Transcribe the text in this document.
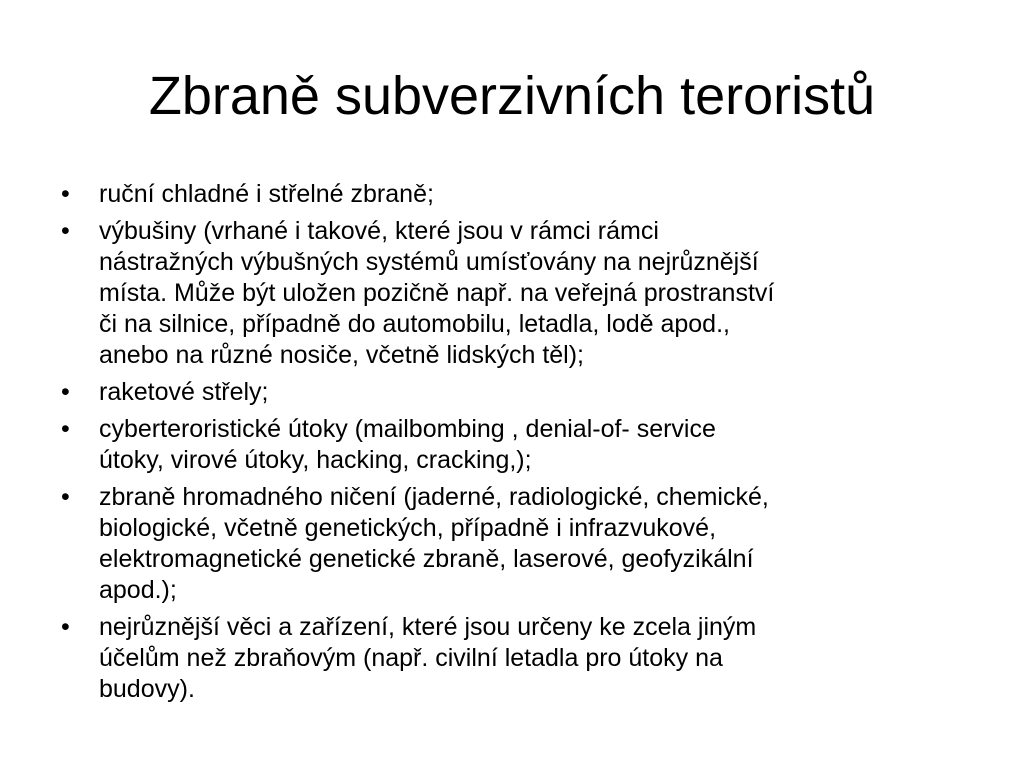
Zbraně subverzivních teroristů
•	ruční chladné i střelné zbraně;
•	výbušiny (vrhané i takové, které jsou v rámci rámci
nástražných výbušných systémů umísťovány na nejrůznější
místa. Může být uložen pozičně např. na veřejná prostranství
či na silnice, případně do automobilu, letadla, lodě apod.,
anebo na různé nosiče, včetně lidských těl);
•	raketové střely;
•	cyberteroristické útoky (mailbombing , denial-of- service
útoky, virové útoky, hacking, cracking,);
•	zbraně hromadného ničení (jaderné, radiologické, chemické,
biologické, včetně genetických, případně i infrazvukové,
elektromagnetické genetické zbraně, laserové, geofyzikální
apod.);
•	nejrůznější věci a zařízení, které jsou určeny ke zcela jiným
účelům než zbraňovým (např. civilní letadla pro útoky na
budovy).
